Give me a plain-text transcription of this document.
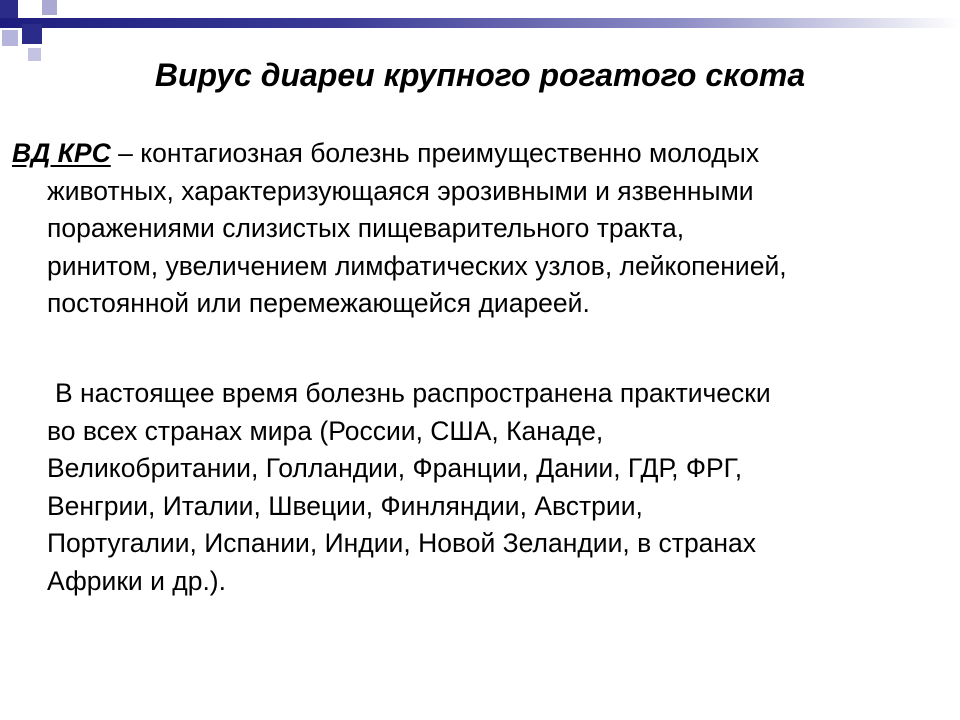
Вирус диареи крупного рогатого скота
ВД КРС – контагиозная болезнь преимущественно молодых
животных, характеризующаяся эрозивными и язвенными
поражениями слизистых пищеварительного тракта,
ринитом, увеличением лимфатических узлов, лейкопенией,
постоянной или перемежающейся диареей.
В настоящее время болезнь распространена практически
во всех странах мира (России, США, Канаде,
Великобритании, Голландии, Франции, Дании, ГДР, ФРГ,
Венгрии, Италии, Швеции, Финляндии, Австрии,
Португалии, Испании, Индии, Новой Зеландии, в странах
Африки и др.).
